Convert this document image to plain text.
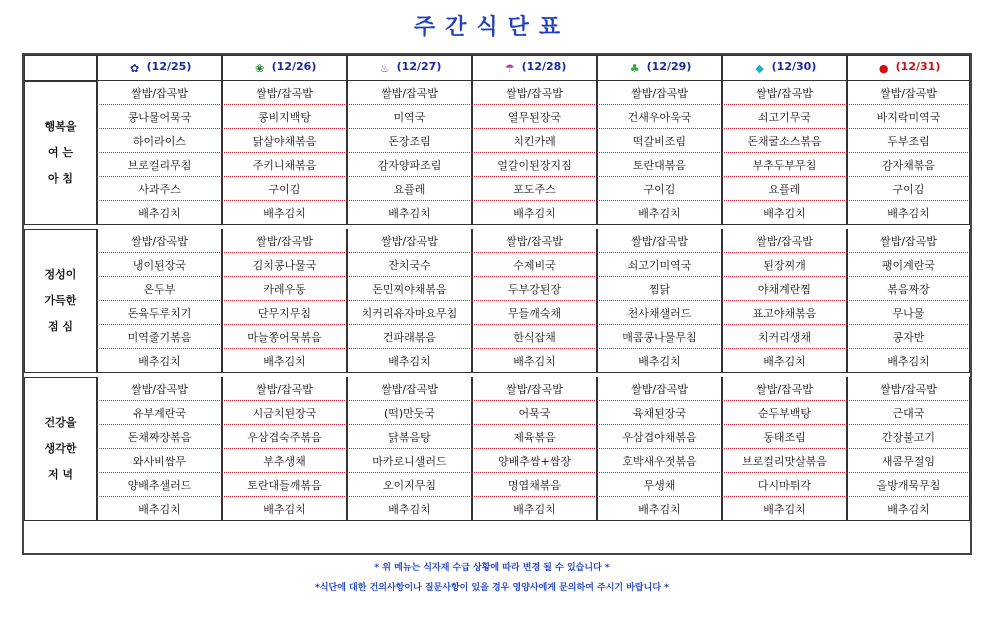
주간식단표
	✿ (12/25)	❀ (12/26)	♨ (12/27)	☂ (12/28)	♣ (12/29)	◆ (12/30)	● (12/31)

행복을
여 는
아 침	쌀밥/잡곡밥	쌀밥/잡곡밥	쌀밥/잡곡밥	쌀밥/잡곡밥	쌀밥/잡곡밥	쌀밥/잡곡밥	쌀밥/잡곡밥
	콩나물어묵국	콩비지백탕	미역국	열무된장국	건새우아욱국	쇠고기무국	바지락미역국
	하이라이스	닭살야채볶음	돈장조림	치킨카레	떡갈비조림	돈채굴소스볶음	두부조림
	브로컬리무침	주키니채볶음	감자양파조림	얼갈이된장지짐	토란대볶음	부추두부무침	감자채볶음
	사과주스	구이김	요플레	포도주스	구이김	요플레	구이김
	배추김치	배추김치	배추김치	배추김치	배추김치	배추김치	배추김치

정성이
가득한
점 심	쌀밥/잡곡밥	쌀밥/잡곡밥	쌀밥/잡곡밥	쌀밥/잡곡밥	쌀밥/잡곡밥	쌀밥/잡곡밥	쌀밥/잡곡밥
	냉이된장국	김치콩나물국	잔치국수	수제비국	쇠고기미역국	된장찌개	팽이계란국
	온두부	카레우동	돈민찌야채볶음	두부강된장	찜닭	야채계란찜	볶음짜장
	돈육두루치기	단무지무침	치커리유자마요무침	무들깨숙채	천사채샐러드	표고야채볶음	무나물
	미역줄기볶음	마늘쫑어묵볶음	건파래볶음	한식잡채	매콤콩나물무침	치커리생채	콩자반
	배추김치	배추김치	배추김치	배추김치	배추김치	배추김치	배추김치

건강을
생각한
저 녁	쌀밥/잡곡밥	쌀밥/잡곡밥	쌀밥/잡곡밥	쌀밥/잡곡밥	쌀밥/잡곡밥	쌀밥/잡곡밥	쌀밥/잡곡밥
	유부계란국	시금치된장국	(떡)만둣국	어묵국	육채된장국	순두부백탕	근대국
	돈채짜장볶음	우삼겹숙주볶음	닭볶음탕	제육볶음	우삼겹야채볶음	동태조림	간장불고기
	와사비쌈무	부추생채	마카로니샐러드	양배추쌈+쌈장	호박새우젓볶음	브로컬리맛살볶음	새콤무절임
	양배추샐러드	토란대들깨볶음	오이지무침	명엽채볶음	무생채	다시마튀각	올방개묵무침
	배추김치	배추김치	배추김치	배추김치	배추김치	배추김치	배추김치
* 위 메뉴는 식자재 수급 상황에 따라 변경 될 수 있습니다 *
*식단에 대한 건의사항이나 질문사항이 있을 경우 영양사에게 문의하여 주시기 바랍니다 *
